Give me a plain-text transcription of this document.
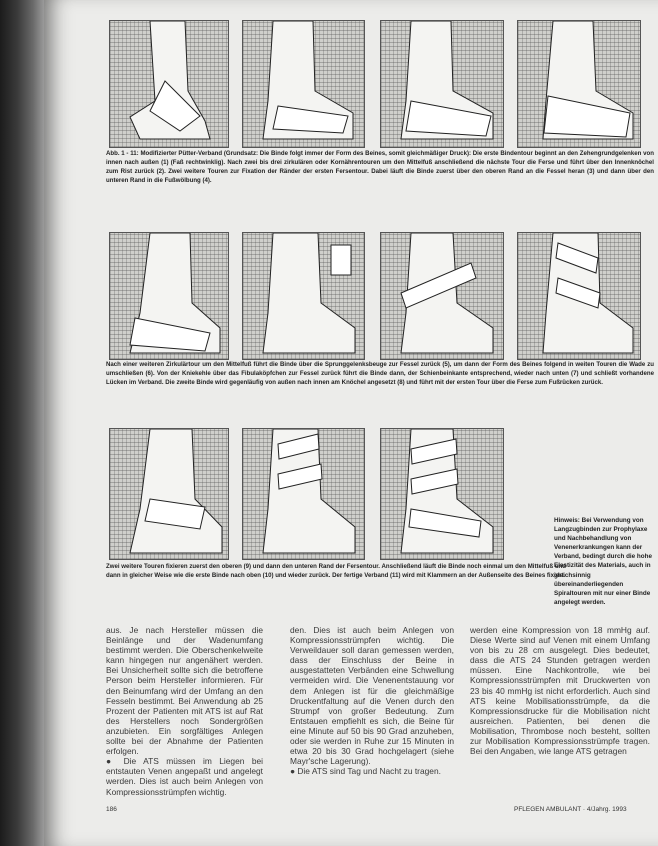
Abb. 1 - 11: Modifizierter Pütter-Verband (Grundsatz: Die Binde folgt immer der Form des Beines, somit gleichmäßiger Druck): Die erste Bindentour beginnt an den Zehengrundgelenken von innen nach außen (1) (Faß rechtwinklig). Nach zwei bis drei zirkulären oder Kornährentouren um den Mittelfuß anschließend die nächste Tour die Ferse und führt über den Innenknöchel zum Rist zurück (2). Zwei weitere Touren zur Fixation der Ränder der ersten Fersentour. Dabei läuft die Binde zuerst über den oberen Rand an die Fessel heran (3) und dann über den unteren Rand in die Fußwölbung (4).
Nach einer weiteren Zirkulärtour um den Mittelfuß führt die Binde über die Sprunggelenksbeuge zur Fessel zurück (5), um dann der Form des Beines folgend in weiten Touren die Wade zu umschließen (6). Von der Kniekehle über das Fibulaköpfchen zur Fessel zurück führt die Binde dann, der Schienbeinkante entsprechend, wieder nach unten (7) und schließt vorhandene Lücken im Verband. Die zweite Binde wird gegenläufig von außen nach innen am Knöchel angesetzt (8) und führt mit der ersten Tour über die Ferse zum Fußrücken zurück.
Hinweis: Bei Verwendung von Langzugbinden zur Prophylaxe und Nachbehandlung von Venenerkrankungen kann der Verband, bedingt durch die hohe Elastizität des Materials, auch in gleichsinnig übereinanderliegenden Spiraltouren mit nur einer Binde angelegt werden.
Zwei weitere Touren fixieren zuerst den oberen (9) und dann den unteren Rand der Fersentour. Anschließend läuft die Binde noch einmal um den Mittelfuß und dann in gleicher Weise wie die erste Binde nach oben (10) und wieder zurück. Der fertige Verband (11) wird mit Klammern an der Außenseite des Beines fixiert.

aus. Je nach Hersteller müssen die Beinlänge und der Wadenumfang bestimmt werden. Die Oberschenkelweite kann hingegen nur angenähert werden. Bei Unsicherheit sollte sich die betroffene Person beim Hersteller informieren. Für den Beinumfang wird der Umfang an den Fesseln bestimmt. Bei Anwendung ab 25 Prozent der Patienten mit ATS ist auf Rat des Herstellers noch Sondergrößen anzubieten. Ein sorgfältiges Anlegen sollte bei der Abnahme der Patienten erfolgen.

● Die ATS müssen im Liegen bei entstauten Venen angepaßt und angelegt werden. Dies ist auch beim Anlegen von Kompressionsstrümpfen wichtig.

den. Dies ist auch beim Anlegen von Kompressionsstrümpfen wichtig. Die Verweildauer soll daran gemessen werden, dass der Einschluss der Beine in ausgestatteten Verbänden eine Schwellung vermeiden wird. Die Venenentstauung vor dem Anlegen ist für die gleichmäßige Druckentfaltung auf die Venen durch den Strumpf von großer Bedeutung. Zum Entstauen empfiehlt es sich, die Beine für eine Minute auf 50 bis 90 Grad anzuheben, oder sie werden in Ruhe zur 15 Minuten in etwa 20 bis 30 Grad hochgelagert (siehe Mayr'sche Lagerung).

● Die ATS sind Tag und Nacht zu tragen.

werden eine Kompression von 18 mmHg auf. Diese Werte sind auf Venen mit einem Umfang von bis zu 28 cm ausgelegt. Dies bedeutet, dass die ATS 24 Stunden getragen werden müssen. Eine Nachkontrolle, wie bei Kompressionsstrümpfen mit Druckwerten von 23 bis 40 mmHg ist nicht erforderlich. Auch sind ATS keine Mobilisationsstrümpfe, da die Kompressionsdrucke für die Mobilisation nicht ausreichen. Patienten, bei denen die Mobilisation, Thrombose noch besteht, sollten zur Mobilisation Kompressionsstrümpfe tragen. Bei den Angaben, wie lange ATS getragen

186	PFLEGEN AMBULANT · 4/Jahrg. 1993
